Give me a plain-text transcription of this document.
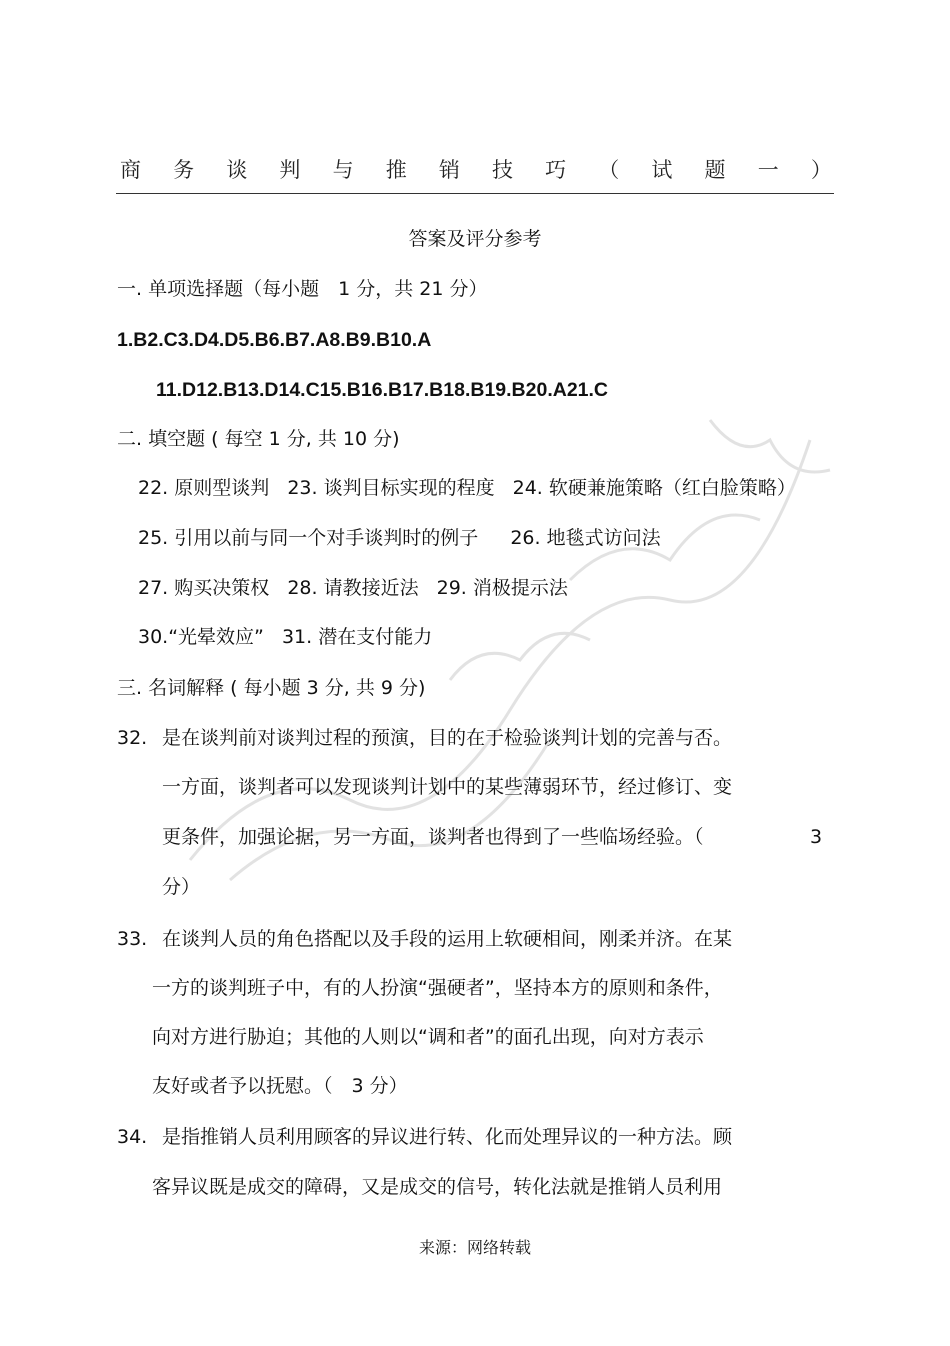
商 务 谈 判 与 推 销 技 巧 （ 试 题 一 ）
答案及评分参考
一. 单项选择题（每小题　1 分，共 21 分）
1.B2.C3.D4.D5.B6.B7.A8.B9.B10.A
11.D12.B13.D14.C15.B16.B17.B18.B19.B20.A21.C
二. 填空题 ( 每空 1 分, 共 10 分)
22. 原则型谈判 23. 谈判目标实现的程度 24. 软硬兼施策略（红白脸策略）
25. 引用以前与同一个对手谈判时的例子 26. 地毯式访问法
27. 购买决策权 28. 请教接近法 29. 消极提示法
30.“光晕效应” 31. 潜在支付能力
三. 名词解释 ( 每小题 3 分, 共 9 分)
32. 是在谈判前对谈判过程的预演，目的在于检验谈判计划的完善与否。
一方面，谈判者可以发现谈判计划中的某些薄弱环节，经过修订、变
更条件，加强论据，另一方面，谈判者也得到了一些临场经验。（	3
分）
33. 在谈判人员的角色搭配以及手段的运用上软硬相间，刚柔并济。在某
一方的谈判班子中，有的人扮演“强硬者”，坚持本方的原则和条件，
向对方进行胁迫；其他的人则以“调和者”的面孔出现，向对方表示
友好或者予以抚慰。（　3 分）
34. 是指推销人员利用顾客的异议进行转、化而处理异议的一种方法。顾
客异议既是成交的障碍，又是成交的信号，转化法就是推销人员利用
来源：网络转载
